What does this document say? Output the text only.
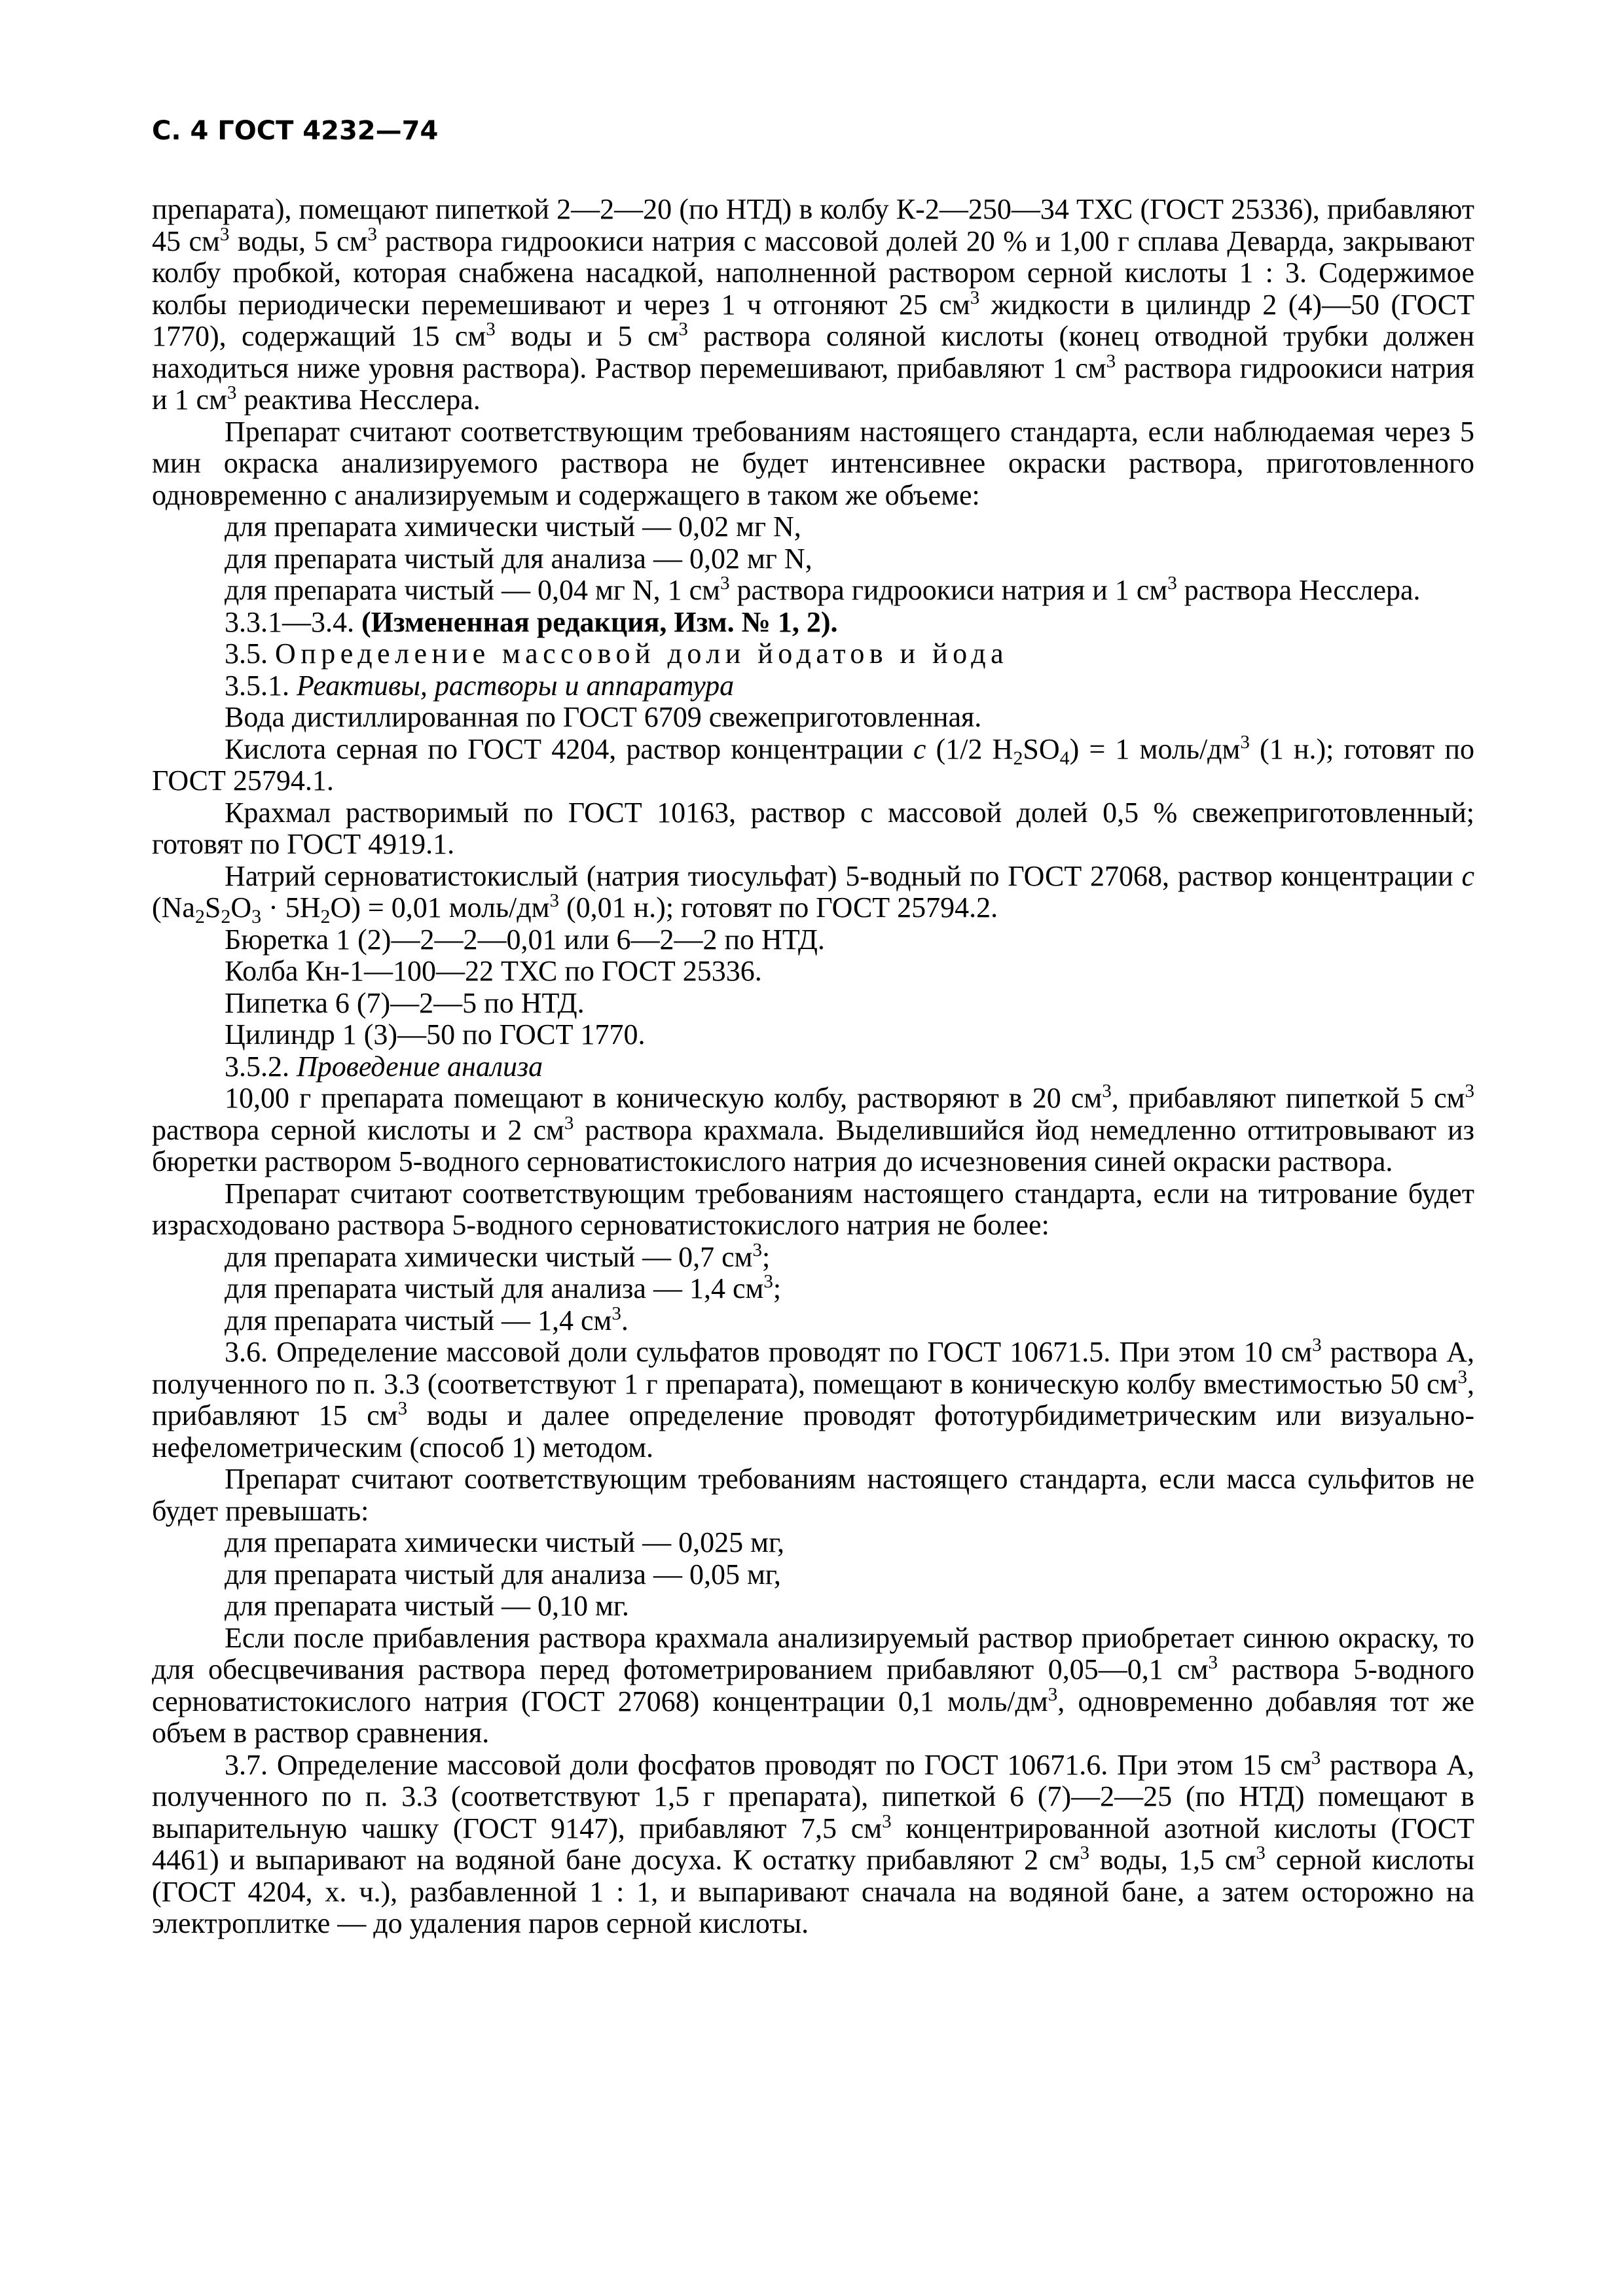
С. 4 ГОСТ 4232—74

препарата), помещают пипеткой 2—2—20 (по НТД) в колбу К-2—250—34 ТХС (ГОСТ 25336), прибавляют 45 $см^3$ воды, 5 $см^3$ раствора гидроокиси натрия с массовой долей 20 % и 1,00 г сплава Деварда, закрывают колбу пробкой, которая снабжена насадкой, наполненной раствором серной кислоты 1 : 3. Содержимое колбы периодически перемешивают и через 1 ч отгоняют 25 $см^3$ жидкости в цилиндр 2 (4)—50 (ГОСТ 1770), содержащий 15 $см^3$ воды и 5 $см^3$ раствора соляной кислоты (конец отводной трубки должен находиться ниже уровня раствора). Раствор перемешивают, прибавляют 1 $см^3$ раствора гидроокиси натрия и 1 $см^3$ реактива Несслера.

Препарат считают соответствующим требованиям настоящего стандарта, если наблюдаемая через 5 мин окраска анализируемого раствора не будет интенсивнее окраски раствора, приготовленного одновременно с анализируемым и содержащего в таком же объеме:

для препарата химически чистый — 0,02 мг N,

для препарата чистый для анализа — 0,02 мг N,

для препарата чистый — 0,04 мг N, 1 $см^3$ раствора гидроокиси натрия и 1 $см^3$ раствора Несслера.

3.3.1—3.4. (Измененная редакция, Изм. № 1, 2).

3.5. Определение массовой доли йодатов и йода

3.5.1. Реактивы, растворы и аппаратура

Вода дистиллированная по ГОСТ 6709 свежеприготовленная.

Кислота серная по ГОСТ 4204, раствор концентрации c (1/2 $H_2SO_4) = 1$ моль/$дм^3$ (1 н.); готовят по ГОСТ 25794.1.

Крахмал растворимый по ГОСТ 10163, раствор с массовой долей 0,5 % свежеприготовленный; готовят по ГОСТ 4919.1.

Натрий серноватистокислый (натрия тиосульфат) 5-водный по ГОСТ 27068, раствор концентрации c $(Na_2S_2O_3 \cdot 5H_2O) = 0,01$ моль/$дм^3$ (0,01 н.); готовят по ГОСТ 25794.2.

Бюретка 1 (2)—2—2—0,01 или 6—2—2 по НТД.

Колба Кн-1—100—22 ТХС по ГОСТ 25336.

Пипетка 6 (7)—2—5 по НТД.

Цилиндр 1 (3)—50 по ГОСТ 1770.

3.5.2. Проведение анализа

10,00 г препарата помещают в коническую колбу, растворяют в 20 $см^3$, прибавляют пипеткой 5 $см^3$ раствора серной кислоты и 2 $см^3$ раствора крахмала. Выделившийся йод немедленно оттитровывают из бюретки раствором 5-водного серноватистокислого натрия до исчезновения синей окраски раствора.

Препарат считают соответствующим требованиям настоящего стандарта, если на титрование будет израсходовано раствора 5-водного серноватистокислого натрия не более:

для препарата химически чистый — 0,7 $см^3$;

для препарата чистый для анализа — 1,4 $см^3$;

для препарата чистый — 1,4 $см^3$.

3.6. Определение массовой доли сульфатов проводят по ГОСТ 10671.5. При этом 10 $см^3$ раствора А, полученного по п. 3.3 (соответствуют 1 г препарата), помещают в коническую колбу вместимостью 50 $см^3$, прибавляют 15 $см^3$ воды и далее определение проводят фототурбидиметрическим или визуально-нефелометрическим (способ 1) методом.

Препарат считают соответствующим требованиям настоящего стандарта, если масса сульфитов не будет превышать:

для препарата химически чистый — 0,025 мг,

для препарата чистый для анализа — 0,05 мг,

для препарата чистый — 0,10 мг.

Если после прибавления раствора крахмала анализируемый раствор приобретает синюю окраску, то для обесцвечивания раствора перед фотометрированием прибавляют 0,05—0,1 $см^3$ раствора 5-водного серноватистокислого натрия (ГОСТ 27068) концентрации 0,1 моль/$дм^3$, одновременно добавляя тот же объем в раствор сравнения.

3.7. Определение массовой доли фосфатов проводят по ГОСТ 10671.6. При этом 15 $см^3$ раствора А, полученного по п. 3.3 (соответствуют 1,5 г препарата), пипеткой 6 (7)—2—25 (по НТД) помещают в выпарительную чашку (ГОСТ 9147), прибавляют 7,5 $см^3$ концентрированной азотной кислоты (ГОСТ 4461) и выпаривают на водяной бане досуха. К остатку прибавляют 2 $см^3$ воды, 1,5 $см^3$ серной кислоты (ГОСТ 4204, х. ч.), разбавленной 1 : 1, и выпаривают сначала на водяной бане, а затем осторожно на электроплитке — до удаления паров серной кислоты.
